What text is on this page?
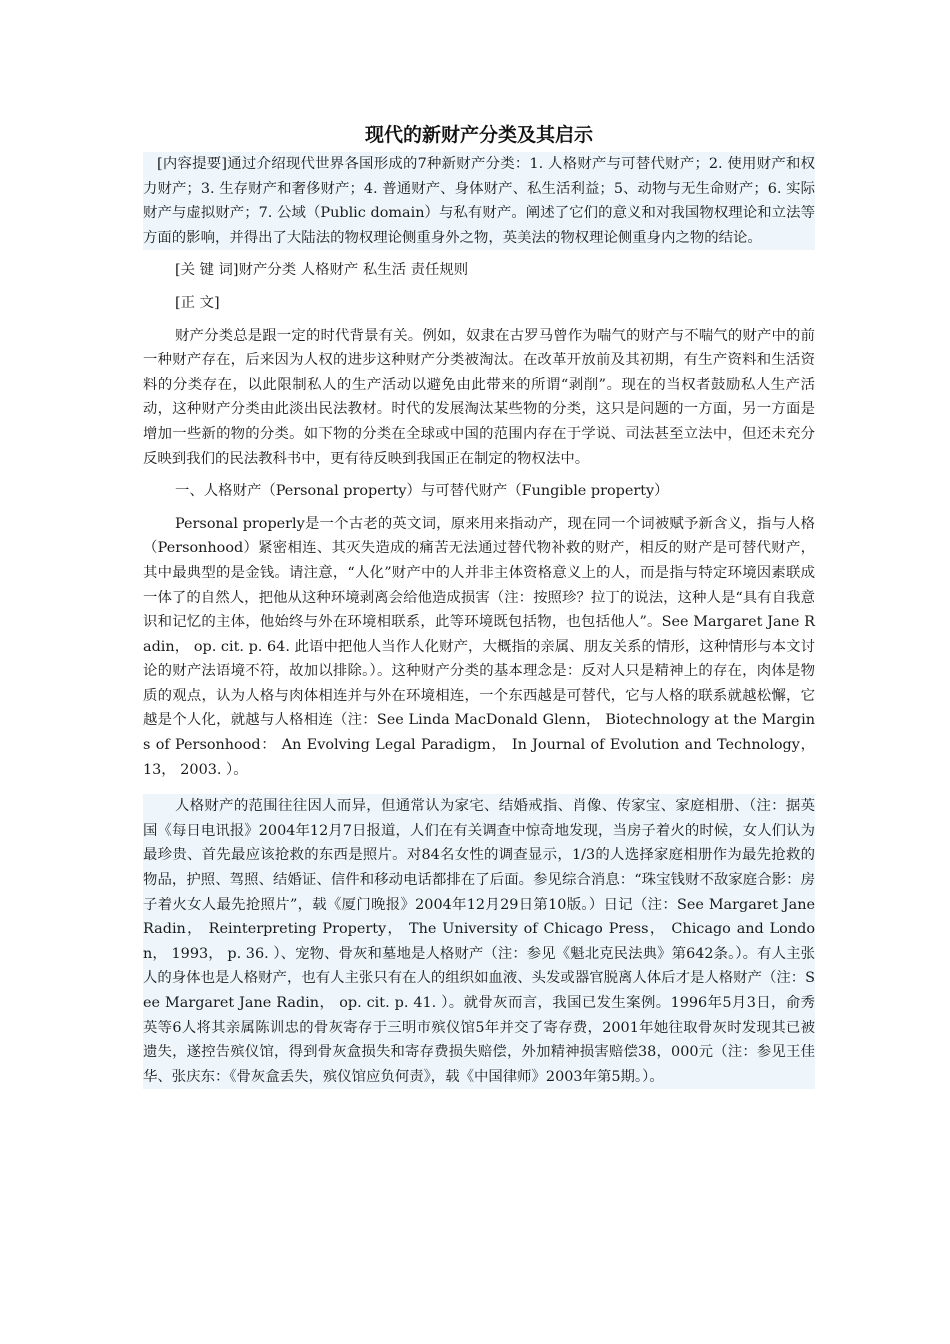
现代的新财产分类及其启示

[内容提要]通过介绍现代世界各国形成的7种新财产分类：1. 人格财产与可替代财产；2. 使用财产和权力财产；3. 生存财产和奢侈财产；4. 普通财产、身体财产、私生活利益；5、动物与无生命财产；6. 实际财产与虚拟财产；7. 公域（Public domain）与私有财产。阐述了它们的意义和对我国物权理论和立法等方面的影响，并得出了大陆法的物权理论侧重身外之物，英美法的物权理论侧重身内之物的结论。

[关 键 词]财产分类 人格财产 私生活 责任规则

[正 文]

财产分类总是跟一定的时代背景有关。例如，奴隶在古罗马曾作为喘气的财产与不喘气的财产中的前一种财产存在，后来因为人权的进步这种财产分类被淘汰。在改革开放前及其初期，有生产资料和生活资料的分类存在，以此限制私人的生产活动以避免由此带来的所谓“剥削”。现在的当权者鼓励私人生产活动，这种财产分类由此淡出民法教材。时代的发展淘汰某些物的分类，这只是问题的一方面，另一方面是增加一些新的物的分类。如下物的分类在全球或中国的范围内存在于学说、司法甚至立法中，但还未充分反映到我们的民法教科书中，更有待反映到我国正在制定的物权法中。

一、人格财产（Personal property）与可替代财产（Fungible property）

Personal properly是一个古老的英文词，原来用来指动产，现在同一个词被赋予新含义，指与人格（Personhood）紧密相连、其灭失造成的痛苦无法通过替代物补救的财产，相反的财产是可替代财产，其中最典型的是金钱。请注意，“人化”财产中的人并非主体资格意义上的人，而是指与特定环境因素联成一体了的自然人，把他从这种环境剥离会给他造成损害（注：按照珍？拉丁的说法，这种人是“具有自我意识和记忆的主体，他始终与外在环境相联系，此等环境既包括物，也包括他人”。See Margaret Jane Radin， op. cit. p. 64. 此语中把他人当作人化财产，大概指的亲属、朋友关系的情形，这种情形与本文讨论的财产法语境不符，故加以排除。）。这种财产分类的基本理念是：反对人只是精神上的存在，肉体是物质的观点，认为人格与肉体相连并与外在环境相连，一个东西越是可替代，它与人格的联系就越松懈，它越是个人化，就越与人格相连（注：See Linda MacDonald Glenn， Biotechnology at the Margins of Personhood： An Evolving Legal Paradigm， In Journal of Evolution and Technology， 13， 2003. ）。

人格财产的范围往往因人而异，但通常认为家宅、结婚戒指、肖像、传家宝、家庭相册、（注：据英国《每日电讯报》2004年12月7日报道，人们在有关调查中惊奇地发现，当房子着火的时候，女人们认为最珍贵、首先最应该抢救的东西是照片。对84名女性的调查显示，1/3的人选择家庭相册作为最先抢救的物品，护照、驾照、结婚证、信件和移动电话都排在了后面。参见综合消息：“珠宝钱财不敌家庭合影：房子着火女人最先抢照片”，载《厦门晚报》2004年12月29日第10版。）日记（注：See Margaret Jane Radin， Reinterpreting Property， The University of Chicago Press， Chicago and London， 1993， p. 36. ）、宠物、骨灰和墓地是人格财产（注：参见《魁北克民法典》第642条。）。有人主张人的身体也是人格财产，也有人主张只有在人的组织如血液、头发或器官脱离人体后才是人格财产（注：See Margaret Jane Radin， op. cit. p. 41. ）。就骨灰而言，我国已发生案例。1996年5月3日，俞秀英等6人将其亲属陈训忠的骨灰寄存于三明市殡仪馆5年并交了寄存费，2001年她往取骨灰时发现其已被遗失，遂控告殡仪馆，得到骨灰盒损失和寄存费损失赔偿，外加精神损害赔偿38，000元（注：参见王佳华、张庆东：《骨灰盒丢失，殡仪馆应负何责》，载《中国律师》2003年第5期。）。
